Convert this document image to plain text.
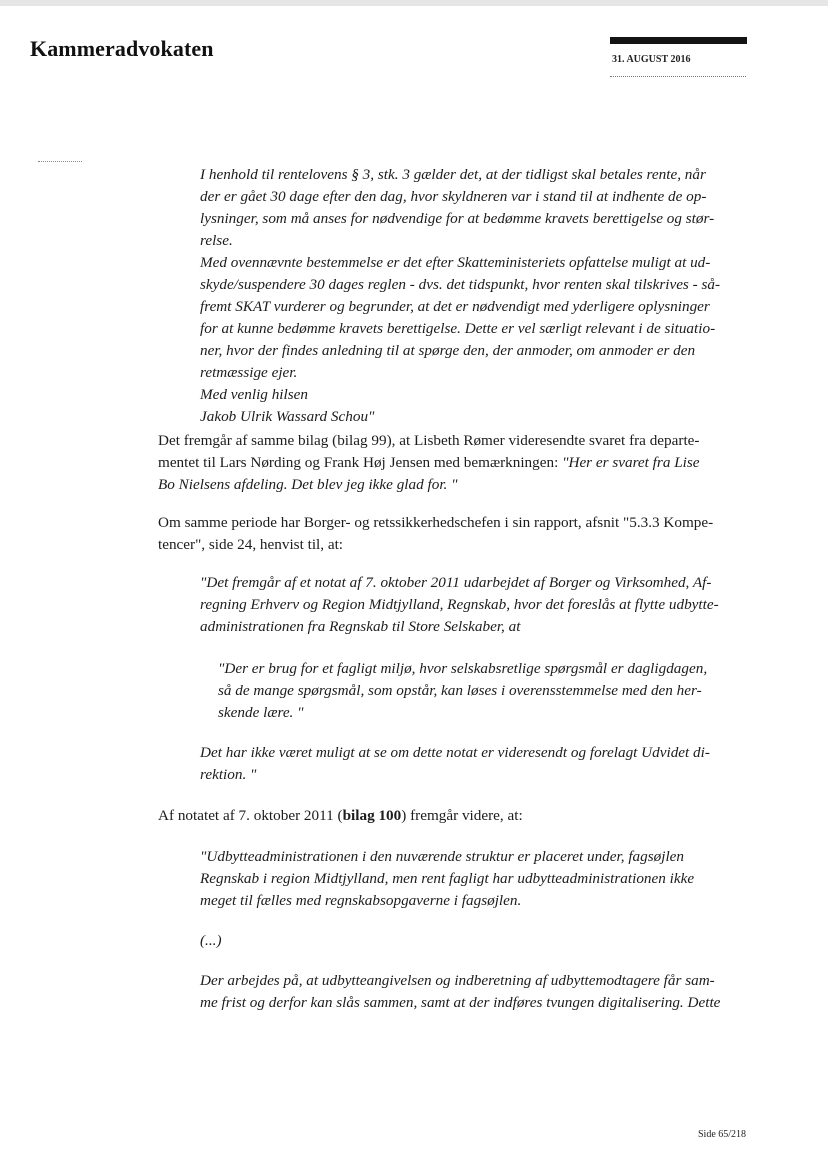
Kammeradvokaten	31. AUGUST 2016
I henhold til rentelovens § 3, stk. 3 gælder det, at der tidligst skal betales rente, når
der er gået 30 dage efter den dag, hvor skyldneren var i stand til at indhente de op-
lysninger, som må anses for nødvendige for at bedømme kravets berettigelse og stør-
relse.
Med ovennævnte bestemmelse er det efter Skatteministeriets opfattelse muligt at ud-
skyde/suspendere 30 dages reglen - dvs. det tidspunkt, hvor renten skal tilskrives - så-
fremt SKAT vurderer og begrunder, at det er nødvendigt med yderligere oplysninger
for at kunne bedømme kravets berettigelse. Dette er vel særligt relevant i de situatio-
ner, hvor der findes anledning til at spørge den, der anmoder, om anmoder er den
retmæssige ejer.
Med venlig hilsen
Jakob Ulrik Wassard Schou"
Det fremgår af samme bilag (bilag 99), at Lisbeth Rømer videresendte svaret fra departe-
mentet til Lars Nørding og Frank Høj Jensen med bemærkningen: "Her er svaret fra Lise
Bo Nielsens afdeling. Det blev jeg ikke glad for. "
Om samme periode har Borger- og retssikkerhedschefen i sin rapport, afsnit "5.3.3 Kompe-
tencer", side 24, henvist til, at:
"Det fremgår af et notat af 7. oktober 2011 udarbejdet af Borger og Virksomhed, Af-
regning Erhverv og Region Midtjylland, Regnskab, hvor det foreslås at flytte udbytte-
administrationen fra Regnskab til Store Selskaber, at
"Der er brug for et fagligt miljø, hvor selskabsretlige spørgsmål er dagligdagen,
så de mange spørgsmål, som opstår, kan løses i overensstemmelse med den her-
skende lære. "
Det har ikke været muligt at se om dette notat er videresendt og forelagt Udvidet di-
rektion. "
Af notatet af 7. oktober 2011 (bilag 100) fremgår videre, at:
"Udbytteadministrationen i den nuværende struktur er placeret under, fagsøjlen
Regnskab i region Midtjylland, men rent fagligt har udbytteadministrationen ikke
meget til fælles med regnskabsopgaverne i fagsøjlen.
(...)
Der arbejdes på, at udbytteangivelsen og indberetning af udbyttemodtagere får sam-
me frist og derfor kan slås sammen, samt at der indføres tvungen digitalisering. Dette
Side 65/218
